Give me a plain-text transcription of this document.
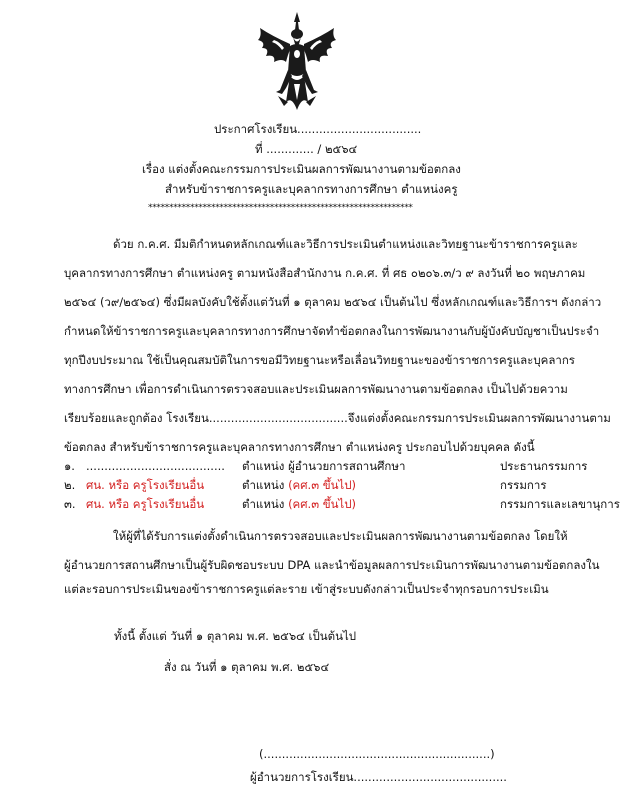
ประกาศโรงเรียน..................................
ที่ ............. / ๒๕๖๔
เรื่อง แต่งตั้งคณะกรรมการประเมินผลการพัฒนางานตามข้อตกลง
สำหรับข้าราชการครูและบุคลากรทางการศึกษา ตำแหน่งครู
***************************************************************
ด้วย ก.ค.ศ. มีมติกำหนดหลักเกณฑ์และวิธีการประเมินตำแหน่งและวิทยฐานะข้าราชการครูและ
บุคลากรทางการศึกษา ตำแหน่งครู ตามหนังสือสำนักงาน ก.ค.ศ. ที่ ศธ ๐๒๐๖.๓/ว ๙ ลงวันที่ ๒๐ พฤษภาคม
๒๕๖๔ (ว๙/๒๕๖๔) ซึ่งมีผลบังคับใช้ตั้งแต่วันที่ ๑ ตุลาคม ๒๕๖๔ เป็นต้นไป ซึ่งหลักเกณฑ์และวิธีการฯ ดังกล่าว
กำหนดให้ข้าราชการครูและบุคลากรทางการศึกษาจัดทำข้อตกลงในการพัฒนางานกับผู้บังคับบัญชาเป็นประจำ
ทุกปีงบประมาณ ใช้เป็นคุณสมบัติในการขอมีวิทยฐานะหรือเลื่อนวิทยฐานะของข้าราชการครูและบุคลากร
ทางการศึกษา เพื่อการดำเนินการตรวจสอบและประเมินผลการพัฒนางานตามข้อตกลง เป็นไปด้วยความ
เรียบร้อยและถูกต้อง โรงเรียน......................................จึงแต่งตั้งคณะกรรมการประเมินผลการพัฒนางานตาม
ข้อตกลง สำหรับข้าราชการครูและบุคลากรทางการศึกษา ตำแหน่งครู ประกอบไปด้วยบุคคล ดังนี้
๑. ...................................... ตำแหน่ง ผู้อำนวยการสถานศึกษา	ประธานกรรมการ
๒. ศน. หรือ ครูโรงเรียนอื่น	ตำแหน่ง (คศ.๓ ขึ้นไป)	กรรมการ
๓. ศน. หรือ ครูโรงเรียนอื่น	ตำแหน่ง (คศ.๓ ขึ้นไป)	กรรมการและเลขานุการ
ให้ผู้ที่ได้รับการแต่งตั้งดำเนินการตรวจสอบและประเมินผลการพัฒนางานตามข้อตกลง โดยให้
ผู้อำนวยการสถานศึกษาเป็นผู้รับผิดชอบระบบ DPA และนำข้อมูลผลการประเมินการพัฒนางานตามข้อตกลงใน
แต่ละรอบการประเมินของข้าราชการครูแต่ละราย เข้าสู่ระบบดังกล่าวเป็นประจำทุกรอบการประเมิน
ทั้งนี้ ตั้งแต่ วันที่ ๑ ตุลาคม พ.ศ. ๒๕๖๔ เป็นต้นไป
สั่ง ณ วันที่ ๑ ตุลาคม พ.ศ. ๒๕๖๔
(..............................................................)
ผู้อำนวยการโรงเรียน..........................................
